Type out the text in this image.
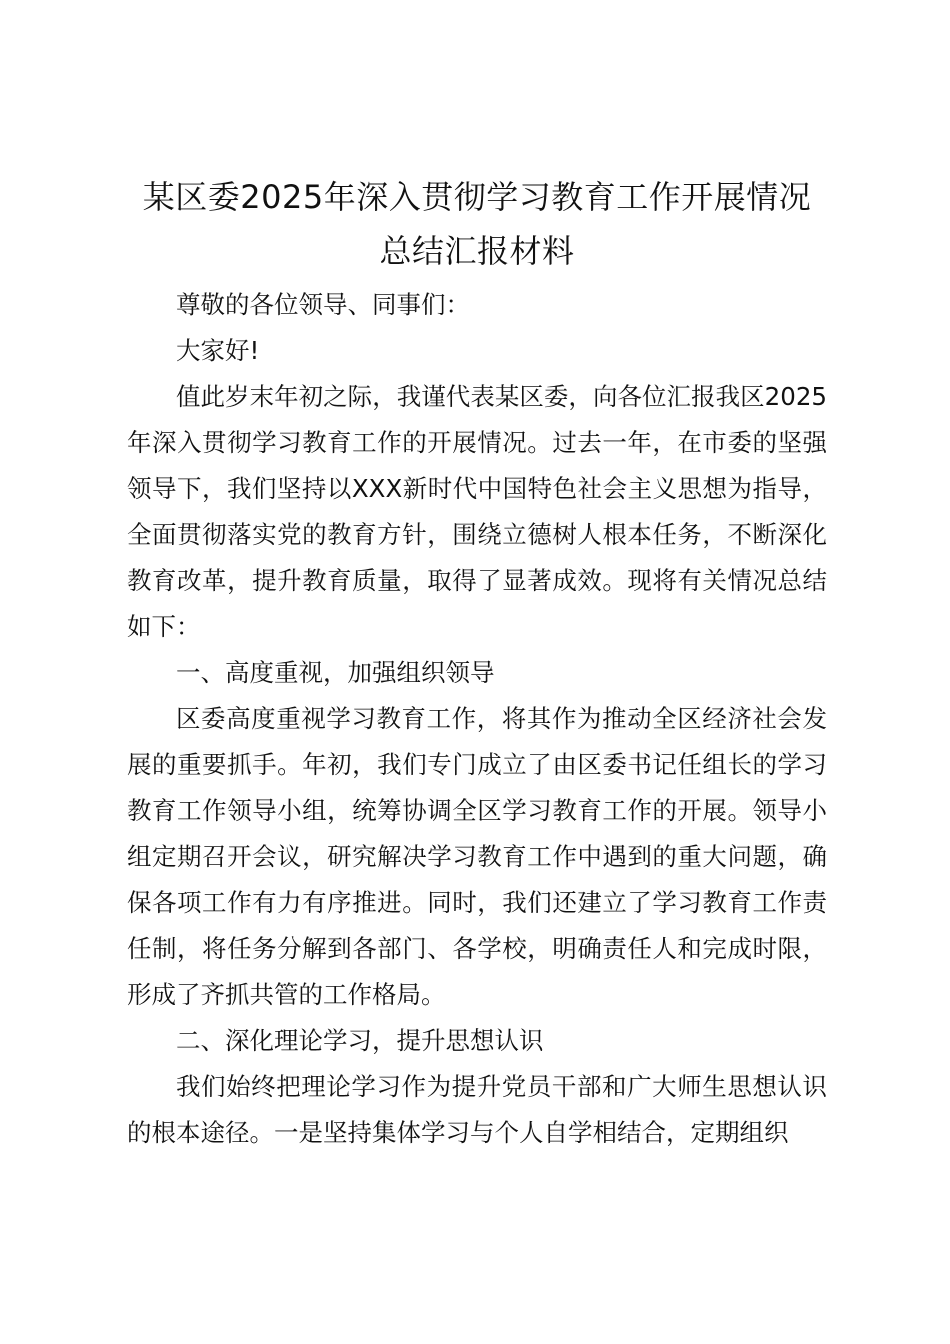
某区委2025年深入贯彻学习教育工作开展情况总结汇报材料

尊敬的各位领导、同事们：

大家好!

值此岁末年初之际，我谨代表某区委，向各位汇报我区2025年深入贯彻学习教育工作的开展情况。过去一年，在市委的坚强领导下，我们坚持以XXX新时代中国特色社会主义思想为指导，全面贯彻落实党的教育方针，围绕立德树人根本任务，不断深化教育改革，提升教育质量，取得了显著成效。现将有关情况总结如下：

一、高度重视，加强组织领导

区委高度重视学习教育工作，将其作为推动全区经济社会发展的重要抓手。年初，我们专门成立了由区委书记任组长的学习教育工作领导小组，统筹协调全区学习教育工作的开展。领导小组定期召开会议，研究解决学习教育工作中遇到的重大问题，确保各项工作有力有序推进。同时，我们还建立了学习教育工作责任制，将任务分解到各部门、各学校，明确责任人和完成时限，形成了齐抓共管的工作格局。

二、深化理论学习，提升思想认识

我们始终把理论学习作为提升党员干部和广大师生思想认识的根本途径。一是坚持集体学习与个人自学相结合，定期组织
